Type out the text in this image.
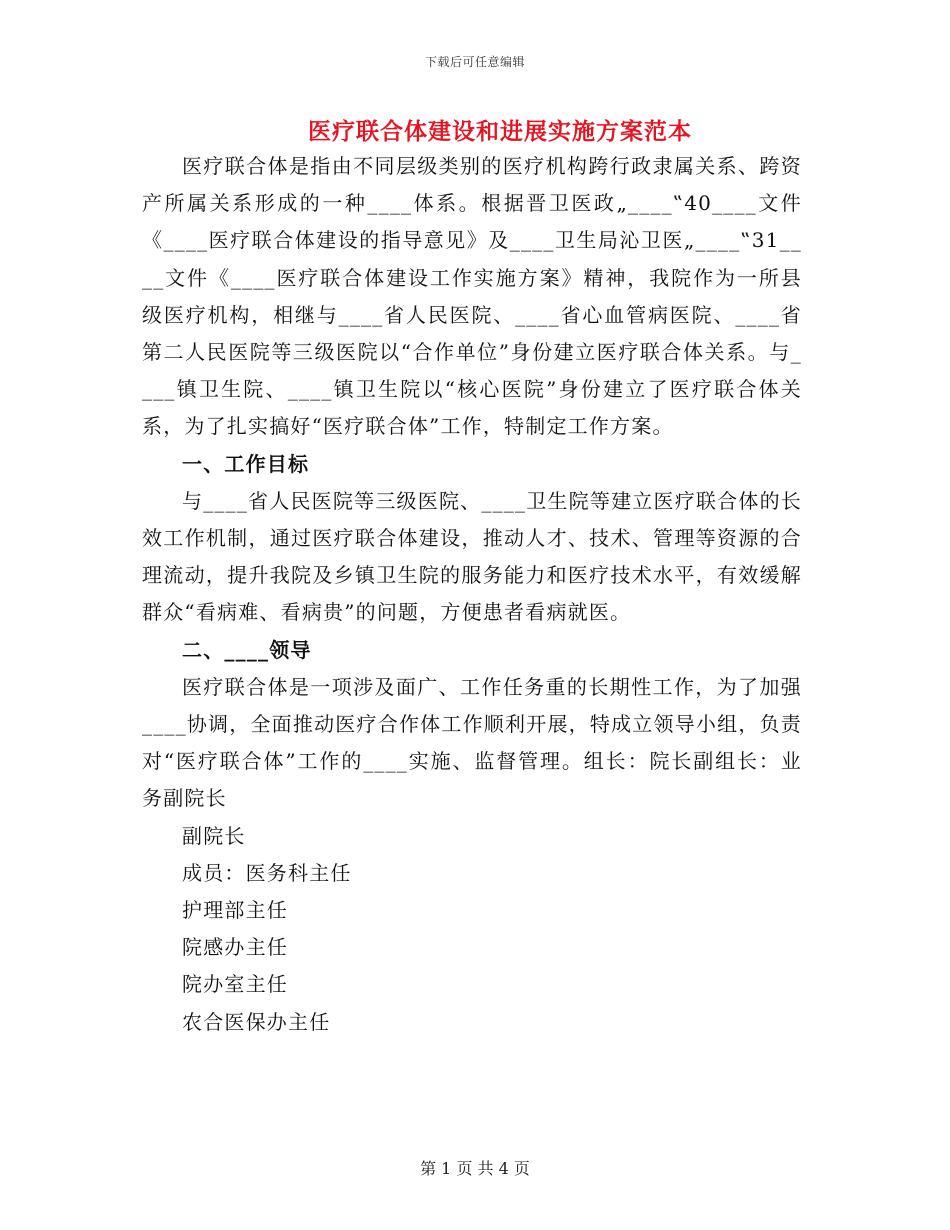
下载后可任意编辑
医疗联合体建设和进展实施方案范本

医疗联合体是指由不同层级类别的医疗机构跨行政隶属关系、跨资产所属关系形成的一种____体系。根据晋卫医政„____‟40____文件《____医疗联合体建设的指导意见》及____卫生局沁卫医„____‟31____文件《____医疗联合体建设工作实施方案》精神，我院作为一所县级医疗机构，相继与____省人民医院、____省心血管病医院、____省第二人民医院等三级医院以“合作单位”身份建立医疗联合体关系。与____镇卫生院、____镇卫生院以“核心医院”身份建立了医疗联合体关系，为了扎实搞好“医疗联合体”工作，特制定工作方案。

一、工作目标

与____省人民医院等三级医院、____卫生院等建立医疗联合体的长效工作机制，通过医疗联合体建设，推动人才、技术、管理等资源的合理流动，提升我院及乡镇卫生院的服务能力和医疗技术水平，有效缓解群众“看病难、看病贵”的问题，方便患者看病就医。

二、____领导

医疗联合体是一项涉及面广、工作任务重的长期性工作，为了加强____协调，全面推动医疗合作体工作顺利开展，特成立领导小组，负责对“医疗联合体”工作的____实施、监督管理。组长：院长副组长：业务副院长

副院长

成员：医务科主任

护理部主任

院感办主任

院办室主任

农合医保办主任

第 1 页 共 4 页
